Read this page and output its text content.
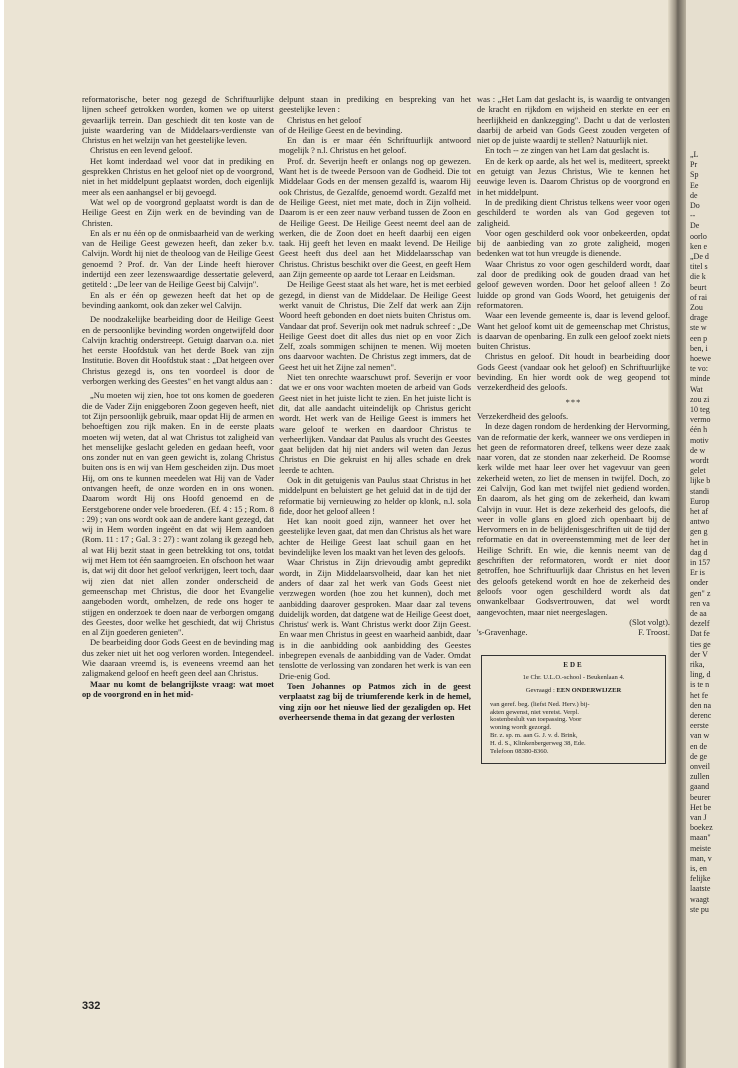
„L
Pr
Sp
Ee
de
Do
--
De
oorlo
ken e
„De d
titel s
die k
beurt
of rai
Zou
drage
ste w
een p
ben, i
hoewe
te vo:
minde
Wat
zou zi
10 teg
vermo
één h
motiv
de w
wordt
gelet
lijke b
standi
Europ
het af
antwo
gen g
het in
dag d
in 157
Er is
onder
gen" z
ren va
de aa
dezelf
Dat fe
ties ge
der V
rika,
ling, d
is te n
het fe
den na
derenc
eerste
van w
en de
de ge
onveil
zullen
gaand
beurer
Het be
van J
boekez
maan"
meiste
man, v
is, en
felijke
laatste
waagt
ste pu

reformatorische, beter nog gezegd de Schriftuurlijke lijnen scheef getrokken worden, komen we op uiterst gevaarlijk terrein. Dan geschiedt dit ten koste van de juiste waardering van de Middelaars-verdienste van Christus en het welzijn van het geestelijke leven.

Christus en een levend geloof.

Het komt inderdaad wel voor dat in prediking en gesprekken Christus en het geloof niet op de voorgrond, niet in het middelpunt geplaatst worden, doch eigenlijk meer als een aanhangsel er bij gevoegd.

Wat wel op de voorgrond geplaatst wordt is dan de Heilige Geest en Zijn werk en de bevinding van de Christen.

En als er nu één op de onmisbaarheid van de werking van de Heilige Geest gewezen heeft, dan zeker b.v. Calvijn. Wordt hij niet de theoloog van de Heilige Geest genoemd ? Prof. dr. Van der Linde heeft hierover indertijd een zeer lezenswaardige dessertatie geleverd, getiteld : „De leer van de Heilige Geest bij Calvijn".

En als er één op gewezen heeft dat het op de bevinding aankomt, ook dan zeker wel Calvijn.

De noodzakelijke bearbeiding door de Heilige Geest en de persoonlijke bevinding worden ongetwijfeld door Calvijn krachtig onderstreept. Getuigt daarvan o.a. niet het eerste Hoofdstuk van het derde Boek van zijn Institutie. Boven dit Hoofdstuk staat : „Dat hetgeen over Christus gezegd is, ons ten voordeel is door de verborgen werking des Geestes" en het vangt aldus aan :

„Nu moeten wij zien, hoe tot ons komen de goederen die de Vader Zijn eniggeboren Zoon gegeven heeft, niet tot Zijn persoonlijk gebruik, maar opdat Hij de armen en behoeftigen zou rijk maken. En in de eerste plaats moeten wij weten, dat al wat Christus tot zaligheid van het menselijke geslacht geleden en gedaan heeft, voor ons zonder nut en van geen gewicht is, zolang Christus buiten ons is en wij van Hem gescheiden zijn. Dus moet Hij, om ons te kunnen meedelen wat Hij van de Vader ontvangen heeft, de onze worden en in ons wonen. Daarom wordt Hij ons Hoofd genoemd en de Eerstgeborene onder vele broederen. (Ef. 4 : 15 ; Rom. 8 : 29) ; van ons wordt ook aan de andere kant gezegd, dat wij in Hem worden ingeënt en dat wij Hem aandoen (Rom. 11 : 17 ; Gal. 3 : 27) : want zolang ik gezegd heb, al wat Hij bezit staat in geen betrekking tot ons, totdat wij met Hem tot één saamgroeien. En ofschoon het waar is, dat wij dit door het geloof verkrijgen, leert toch, daar wij zien dat niet allen zonder onderscheid de gemeenschap met Christus, die door het Evangelie aangeboden wordt, omhelzen, de rede ons hoger te stijgen en onderzoek te doen naar de verborgen omgang des Geestes, door welke het geschiedt, dat wij Christus en al Zijn goederen genieten".

De bearbeiding door Gods Geest en de bevinding mag dus zeker niet uit het oog verloren worden. Integendeel. Wie daaraan vreemd is, is eveneens vreemd aan het zaligmakend geloof en heeft geen deel aan Christus.

Maar nu komt de belangrijkste vraag: wat moet op de voorgrond en in het mid-

delpunt staan in prediking en bespreking van het geestelijke leven :

Christus en het geloof

of de Heilige Geest en de bevinding.

En dan is er maar één Schriftuurlijk antwoord mogelijk ? n.l. Christus en het geloof.

Prof. dr. Severijn heeft er onlangs nog op gewezen. Want het is de tweede Persoon van de Godheid. Die tot Middelaar Gods en der mensen gezalfd is, waarom Hij ook Christus, de Gezalfde, genoemd wordt. Gezalfd met de Heilige Geest, niet met mate, doch in Zijn volheid. Daarom is er een zeer nauw verband tussen de Zoon en de Heilige Geest. De Heilige Geest neemt deel aan de werken, die de Zoon doet en heeft daarbij een eigen taak. Hij geeft het leven en maakt levend. De Heilige Geest heeft dus deel aan het Middelaarsschap van Christus. Christus beschikt over die Geest, en geeft Hem aan Zijn gemeente op aarde tot Leraar en Leidsman.

De Heilige Geest staat als het ware, het is met eerbied gezegd, in dienst van de Middelaar. De Heilige Geest werkt vanuit de Christus, Die Zelf dat werk aan Zijn Woord heeft gebonden en doet niets buiten Christus om. Vandaar dat prof. Severijn ook met nadruk schreef : „De Heilige Geest doet dit alles dus niet op en voor Zich Zelf, zoals sommigen schijnen te menen. Wij moeten ons daarvoor wachten. De Christus zegt immers, dat de Geest het uit het Zijne zal nemen".

Niet ten onrechte waarschuwt prof. Severijn er voor dat we er ons voor wachten moeten de arbeid van Gods Geest niet in het juiste licht te zien. En het juiste licht is dit, dat alle aandacht uiteindelijk op Christus gericht wordt. Het werk van de Heilige Geest is immers het ware geloof te werken en daardoor Christus te verheerlijken. Vandaar dat Paulus als vrucht des Geestes gaat belijden dat hij niet anders wil weten dan Jezus Christus en Die gekruist en hij alles schade en drek leerde te achten.

Ook in dit getuigenis van Paulus staat Christus in het middelpunt en beluistert ge het geluid dat in de tijd der reformatie bij vernieuwing zo helder op klonk, n.l. sola fide, door het geloof alleen !

Het kan nooit goed zijn, wanneer het over het geestelijke leven gaat, dat men dan Christus als het ware achter de Heilige Geest laat schuil gaan en het bevindelijke leven los maakt van het leven des geloofs.

Waar Christus in Zijn drievoudig ambt gepredikt wordt, in Zijn Middelaarsvolheid, daar kan het niet anders of daar zal het werk van Gods Geest niet verzwegen worden (hoe zou het kunnen), doch met aanbidding daarover gesproken. Maar daar zal tevens duidelijk worden, dat datgene wat de Heilige Geest doet, Christus' werk is. Want Christus werkt door Zijn Geest. En waar men Christus in geest en waarheid aanbidt, daar is in die aanbidding ook aanbidding des Geestes inbegrepen evenals de aanbidding van de Vader. Omdat tenslotte de verlossing van zondaren het werk is van een Drie-enig God.

Toen Johannes op Patmos zich in de geest verplaatst zag bij de triumferende kerk in de hemel, ving zijn oor het nieuwe lied der gezaligden op. Het overheersende thema in dat gezang der verlosten

was : „Het Lam dat geslacht is, is waardig te ontvangen de kracht en rijkdom en wijsheid en sterkte en eer en heerlijkheid en dankzegging". Dacht u dat de verlosten daarbij de arbeid van Gods Geest zouden vergeten of niet op de juiste waardij te stellen? Natuurlijk niet.

En toch -- ze zingen van het Lam dat geslacht is.

En de kerk op aarde, als het wel is, mediteert, spreekt en getuigt van Jezus Christus, Wie te kennen het eeuwige leven is. Daarom Christus op de voorgrond en in het middelpunt.

In de prediking dient Christus telkens weer voor ogen geschilderd te worden als van God gegeven tot zaligheid.

Voor ogen geschilderd ook voor onbekeerden, opdat bij de aanbieding van zo grote zaligheid, mogen bedenken wat tot hun vreugde is dienende.

Waar Christus zo voor ogen geschilderd wordt, daar zal door de prediking ook de gouden draad van het geloof geweven worden. Door het geloof alleen ! Zo luidde op grond van Gods Woord, het getuigenis der reformatoren.

Waar een levende gemeente is, daar is levend geloof. Want het geloof komt uit de gemeenschap met Christus, is daarvan de openbaring. En zulk een geloof zoekt niets buiten Christus.

Christus en geloof. Dit houdt in bearbeiding door Gods Geest (vandaar ook het geloof) en Schriftuurlijke bevinding. En hier wordt ook de weg geopend tot verzekerdheid des geloofs.

***

Verzekerdheid des geloofs.

In deze dagen rondom de herdenking der Hervorming, van de reformatie der kerk, wanneer we ons verdiepen in het geen de reformatoren dreef, telkens weer deze zaak naar voren, dat ze stonden naar zekerheid. De Roomse kerk wilde met haar leer over het vagevuur van geen zekerheid weten, zo liet de mensen in twijfel. Doch, zo zei Calvijn, God kan met twijfel niet gediend worden. En daarom, als het ging om de zekerheid, dan kwam Calvijn in vuur. Het is deze zekerheid des geloofs, die weer in volle glans en gloed zich openbaart bij de Hervormers en in de belijdenisgeschriften uit de tijd der reformatie en dat in overeenstemming met de leer der Heilige Schrift. En wie, die kennis neemt van de geschriften der reformatoren, wordt er niet door getroffen, hoe Schriftuurlijk daar Christus en het leven des geloofs getekend wordt en hoe de zekerheid des geloofs voor ogen geschilderd wordt als dat onwankelbaar Godsvertrouwen, dat wel wordt aangevochten, maar niet neergeslagen.

(Slot volgt).
's-Gravenhage.	F. Troost.
EDE
1e Chr. U.L.O.-school - Beukenlaan 4.
Gevraagd : EEN ONDERWIJZER
van geref. beg. (liefst Ned. Herv.) bij-
akten gewenst, niet vereist. Verpl.
kostenbeslult van toepassing. Voor
woning wordt gezorgd.
Br. z. sp. m. aan G. J. v. d. Brink,
H. d. S., Klinkenbergerweg 38, Ede.
Telefoon 08380-8360.
332
